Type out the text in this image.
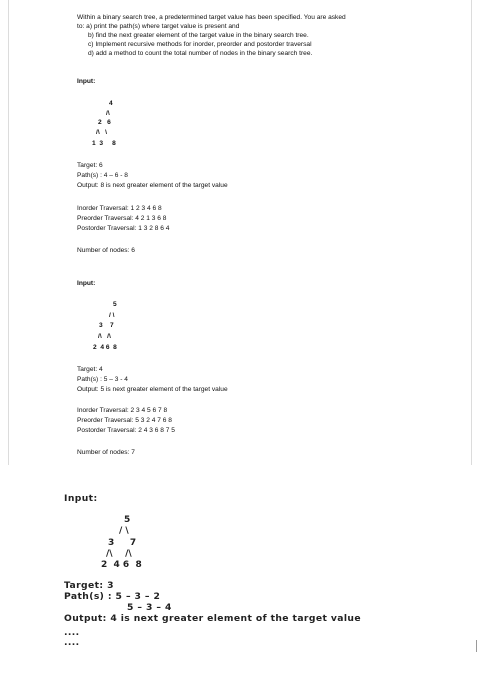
Within a binary search tree, a predetermined target value has been specified. You are asked
to: a) print the path(s) where target value is present and
b) find the next greater element of the target value in the binary search tree.
c) Implement recursive methods for inorder, preorder and postorder traversal
d) add a method to count the total number of nodes in the binary search tree.
Input:
4
/\
2   6
/\   \
1  3     8
Target: 6
Path(s) : 4 – 6 - 8
Output: 8 is next greater element of the target value
Inorder Traversal: 1 2 3 4 6 8
Preorder Traversal: 4 2 1 3 6 8
Postorder Traversal: 1 3 2 8 6 4
Number of nodes: 6
Input:
5
/ \
3    7
/\   /\
2  4 6  8
Target: 4
Path(s) : 5 – 3 - 4
Output: 5 is next greater element of the target value
Inorder Traversal: 2 3 4 5 6 7 8
Preorder Traversal: 5 3 2 4 7 6 8
Postorder Traversal: 2 4 3 6 8 7 5
Number of nodes: 7
Input:
5
/ \
3     7
/\    /\
2  4 6  8
Target: 3
Path(s) : 5 – 3 – 2
5 – 3 – 4
Output: 4 is next greater element of the target value
....
....
